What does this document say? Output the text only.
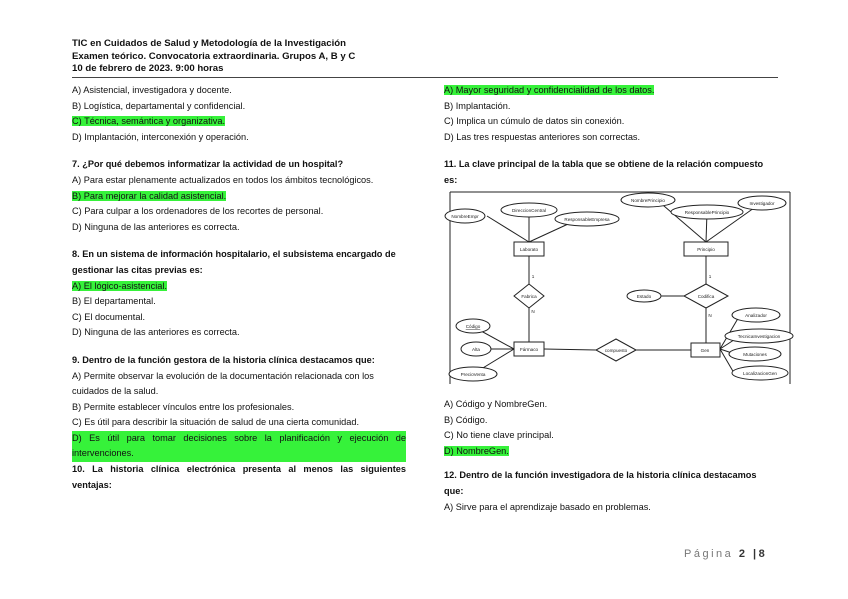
TIC en Cuidados de Salud y Metodología de la Investigación
Examen teórico. Convocatoria extraordinaria. Grupos A, B y C
10 de febrero de 2023. 9:00 horas
A) Asistencial, investigadora y docente.
B) Logística, departamental y confidencial.
C) Técnica, semántica y organizativa.
D) Implantación, interconexión y operación.
7. ¿Por qué debemos informatizar la actividad de un hospital?
A) Para estar plenamente actualizados en todos los ámbitos tecnológicos.
B) Para mejorar la calidad asistencial.
C) Para culpar a los ordenadores de los recortes de personal.
D) Ninguna de las anteriores es correcta.
8. En un sistema de información hospitalario, el subsistema encargado de
gestionar las citas previas es:
A) El lógico-asistencial.
B) El departamental.
C) El documental.
D) Ninguna de las anteriores es correcta.
9. Dentro de la función gestora de la historia clínica destacamos que:
A) Permite observar la evolución de la documentación relacionada con los
cuidados de la salud.
B) Permite establecer vínculos entre los profesionales.
C) Es útil para describir la situación de salud de una cierta comunidad.
D) Es útil para tomar decisiones sobre la planificación y ejecución de
intervenciones.
10. La historia clínica electrónica presenta al menos las siguientes
ventajas:
A) Mayor seguridad y confidencialidad de los datos.
B) Implantación.
C) Implica un cúmulo de datos sin conexión.
D) Las tres respuestas anteriores son correctas.
11. La clave principal de la tabla que se obtiene de la relación compuesto
es:
NombreEmpr
DireccionCentral
ResponsableEmpresa
NombrePrincipio
ResponsablePrincipio
Investigador
Estado
Código
Alta
PrecioVenta
Analizador
TecnicaInvestigacion
Mutaciones
LocalizacionGen
Laborato	Principio
Fármaco	Gen
Fabrica	Codifica
compuesto
1
N
1
N
A) Código y NombreGen.
B) Código.
C) No tiene clave principal.
D) NombreGen.
12. Dentro de la función investigadora de la historia clínica destacamos
que:
A) Sirve para el aprendizaje basado en problemas.
Página 2 |8
